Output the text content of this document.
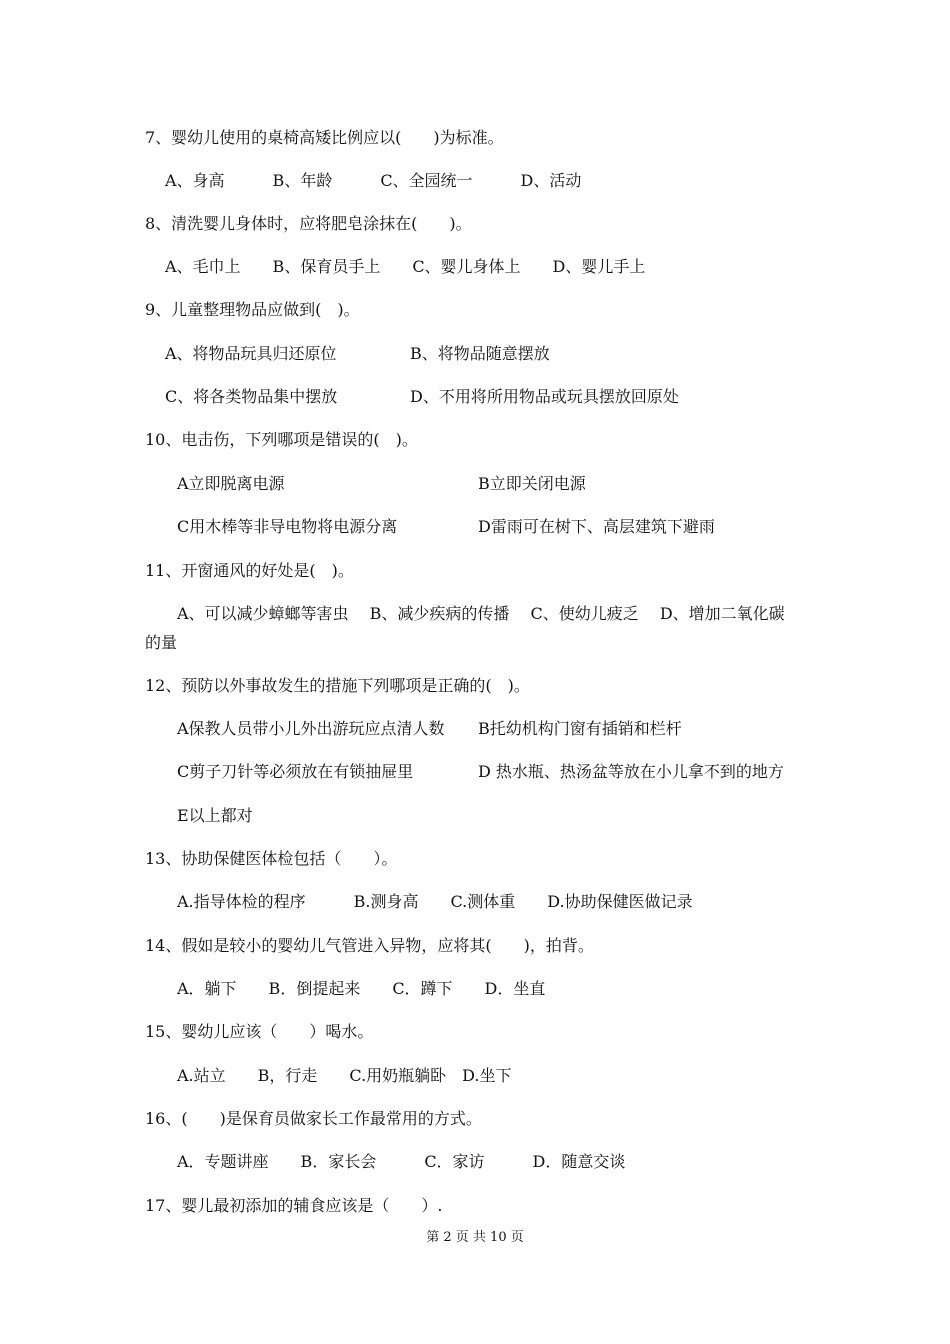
7、婴幼儿使用的桌椅高矮比例应以(　　)为标准。
A、身高　　　B、年龄　　　C、全园统一　　　D、活动
8、清洗婴儿身体时，应将肥皂涂抹在(　　)。
A、毛巾上　　B、保育员手上　　C、婴儿身体上　　D、婴儿手上
9、儿童整理物品应做到(　)。
A、将物品玩具归还原位	B、将物品随意摆放
C、将各类物品集中摆放	D、不用将所用物品或玩具摆放回原处
10、电击伤，下列哪项是错误的(　)。
A立即脱离电源	B立即关闭电源
C用木棒等非导电物将电源分离	D雷雨可在树下、高层建筑下避雨
11、开窗通风的好处是(　)。
A、可以减少蟑螂等害虫　 B、减少疾病的传播　 C、使幼儿疲乏　 D、增加二氧化碳
的量
12、预防以外事故发生的措施下列哪项是正确的(　)。
A保教人员带小儿外出游玩应点清人数 B托幼机构门窗有插销和栏杆
C剪子刀针等必须放在有锁抽屉里	D 热水瓶、热汤盆等放在小儿拿不到的地方
E以上都对
13、协助保健医体检包括（　　）。
A.指导体检的程序　　　B.测身高　　C.测体重　　D.协助保健医做记录
14、假如是较小的婴幼儿气管进入异物，应将其(　　)，拍背。
A．躺下　　B．倒提起来　　C．蹲下　　D．坐直
15、婴幼儿应该（　　）喝水。
A.站立　　B，行走　　C.用奶瓶躺卧　D.坐下
16、(　　)是保育员做家长工作最常用的方式。
A．专题讲座　　B．家长会　　　C．家访　　　D．随意交谈
17、婴儿最初添加的辅食应该是（　　）.
第 2 页 共 10 页
